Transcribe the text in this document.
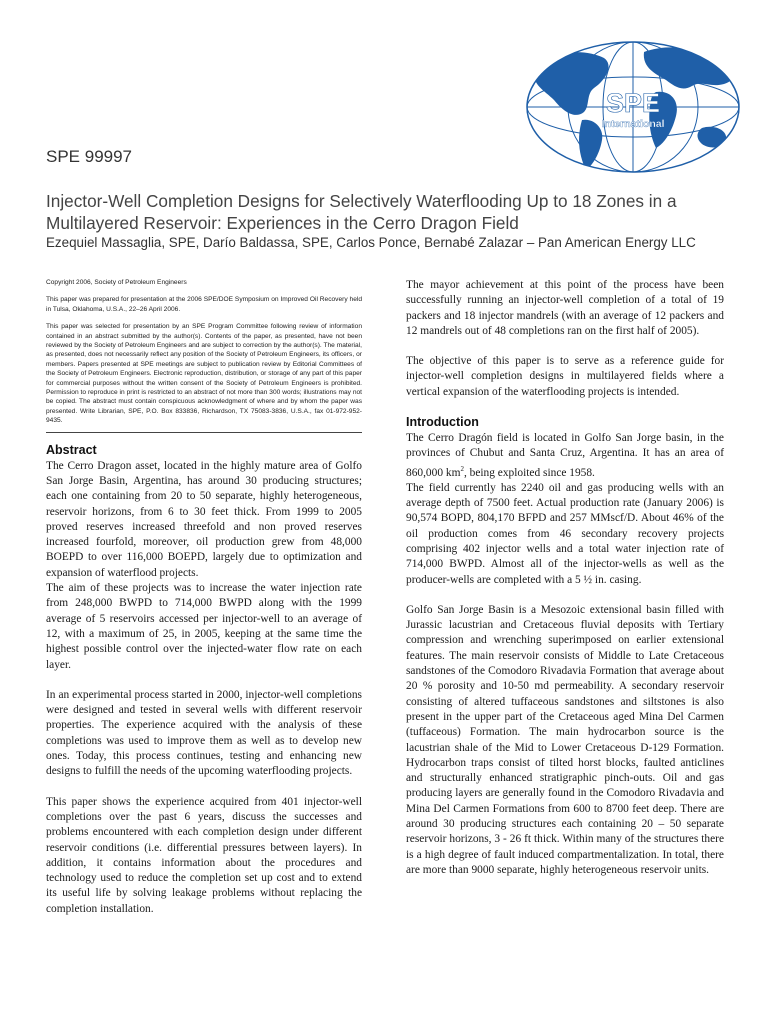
SPE
International
SPE 99997
Injector-Well Completion Designs for Selectively Waterflooding Up to 18 Zones in a Multilayered Reservoir: Experiences in the Cerro Dragon Field
Ezequiel Massaglia, SPE, Darío Baldassa, SPE, Carlos Ponce, Bernabé Zalazar – Pan American Energy LLC

Copyright 2006, Society of Petroleum Engineers

This paper was prepared for presentation at the 2006 SPE/DOE Symposium on Improved Oil Recovery held in Tulsa, Oklahoma, U.S.A., 22–26 April 2006.

This paper was selected for presentation by an SPE Program Committee following review of information contained in an abstract submitted by the author(s). Contents of the paper, as presented, have not been reviewed by the Society of Petroleum Engineers and are subject to correction by the author(s). The material, as presented, does not necessarily reflect any position of the Society of Petroleum Engineers, its officers, or members. Papers presented at SPE meetings are subject to publication review by Editorial Committees of the Society of Petroleum Engineers. Electronic reproduction, distribution, or storage of any part of this paper for commercial purposes without the written consent of the Society of Petroleum Engineers is prohibited. Permission to reproduce in print is restricted to an abstract of not more than 300 words; illustrations may not be copied. The abstract must contain conspicuous acknowledgment of where and by whom the paper was presented. Write Librarian, SPE, P.O. Box 833836, Richardson, TX 75083-3836, U.S.A., fax 01-972-952-9435.

Abstract

The Cerro Dragon asset, located in the highly mature area of Golfo San Jorge Basin, Argentina, has around 30 producing structures; each one containing from 20 to 50 separate, highly heterogeneous, reservoir horizons, from 6 to 30 feet thick. From 1999 to 2005 proved reserves increased threefold and non proved reserves increased fourfold, moreover, oil production grew from 48,000 BOEPD to over 116,000 BOEPD, largely due to optimization and expansion of waterflood projects.

The aim of these projects was to increase the water injection rate from 248,000 BWPD to 714,000 BWPD along with the 1999 average of 5 reservoirs accessed per injector-well to an average of 12, with a maximum of 25, in 2005, keeping at the same time the highest possible control over the injected-water flow rate on each layer.

In an experimental process started in 2000, injector-well completions were designed and tested in several wells with different reservoir properties. The experience acquired with the analysis of these completions was used to improve them as well as to develop new ones. Today, this process continues, testing and enhancing new designs to fulfill the needs of the upcoming waterflooding projects.

This paper shows the experience acquired from 401 injector-well completions over the past 6 years, discuss the successes and problems encountered with each completion design under different reservoir conditions (i.e. differential pressures between layers). In addition, it contains information about the procedures and technology used to reduce the completion set up cost and to extend its useful life by solving leakage problems without replacing the completion installation.

The mayor achievement at this point of the process have been successfully running an injector-well completion of a total of 19 packers and 18 injector mandrels (with an average of 12 packers and 12 mandrels out of 48 completions ran on the first half of 2005).

The objective of this paper is to serve as a reference guide for injector-well completion designs in multilayered fields where a vertical expansion of the waterflooding projects is intended.

Introduction

The Cerro Dragón field is located in Golfo San Jorge basin, in the provinces of Chubut and Santa Cruz, Argentina. It has an area of 860,000 $km^2$, being exploited since 1958.

The field currently has 2240 oil and gas producing wells with an average depth of 7500 feet. Actual production rate (January 2006) is 90,574 BOPD, 804,170 BFPD and 257 MMscf/D. About 46% of the oil production comes from 46 secondary recovery projects comprising 402 injector wells and a total water injection rate of 714,000 BWPD. Almost all of the injector-wells as well as the producer-wells are completed with a 5 ½ in. casing.

Golfo San Jorge Basin is a Mesozoic extensional basin filled with Jurassic lacustrian and Cretaceous fluvial deposits with Tertiary compression and wrenching superimposed on earlier extensional features. The main reservoir consists of Middle to Late Cretaceous sandstones of the Comodoro Rivadavia Formation that average about 20 % porosity and 10-50 md permeability. A secondary reservoir consisting of altered tuffaceous sandstones and siltstones is also present in the upper part of the Cretaceous aged Mina Del Carmen (tuffaceous) Formation. The main hydrocarbon source is the lacustrian shale of the Mid to Lower Cretaceous D-129 Formation. Hydrocarbon traps consist of tilted horst blocks, faulted anticlines and structurally enhanced stratigraphic pinch-outs. Oil and gas producing layers are generally found in the Comodoro Rivadavia and Mina Del Carmen Formations from 600 to 8700 feet deep. There are around 30 producing structures each containing 20 – 50 separate reservoir horizons, 3 - 26 ft thick. Within many of the structures there is a high degree of fault induced compartmentalization. In total, there are more than 9000 separate, highly heterogeneous reservoir units.
